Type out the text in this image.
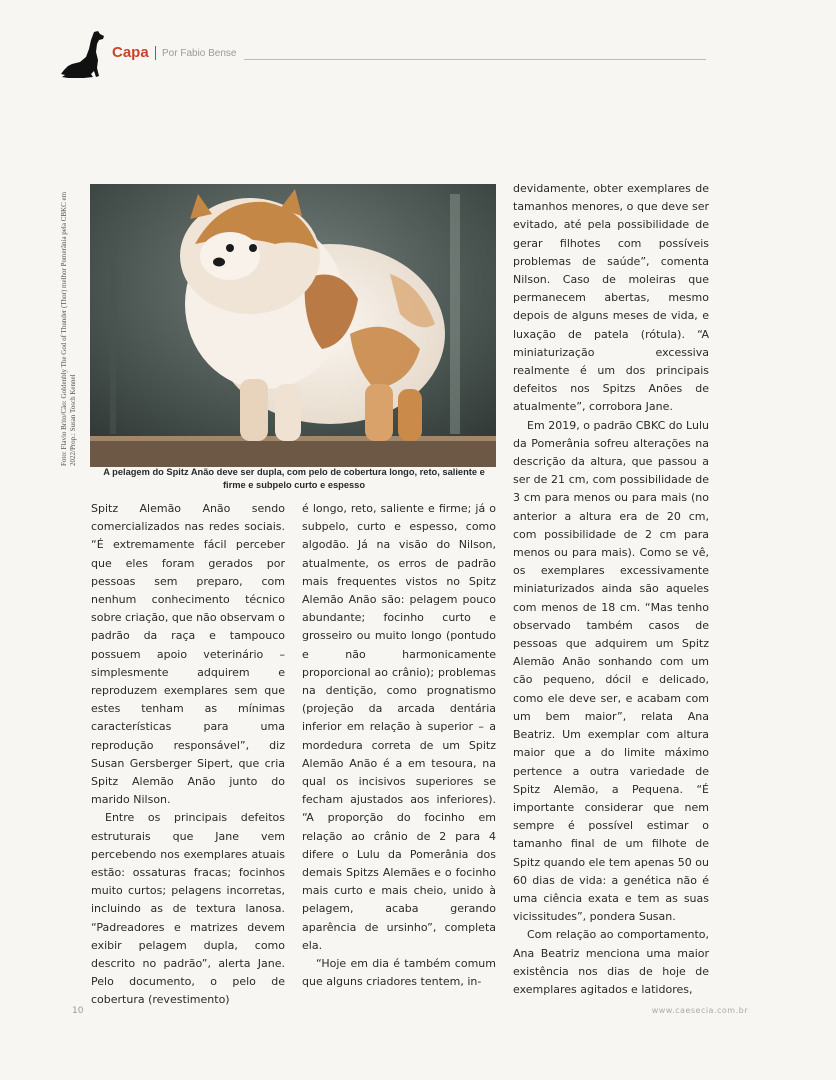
Capa Por Fabio Bense
Foto: Flavio Brito/Cão: Goldenbly The God of Thunder (Thor) melhor Pomerânia pela CBKC em 2022/Prop.: Susan Tosch Kennel
A pelagem do Spitz Anão deve ser dupla, com pelo de cobertura longo, reto, saliente e firme e subpelo curto e espesso

Spitz Alemão Anão sendo comercializados nas redes sociais. “É extremamente fácil perceber que eles foram gerados por pessoas sem preparo, com nenhum conhecimento técnico sobre criação, que não observam o padrão da raça e tampouco possuem apoio veterinário – simplesmente adquirem e reproduzem exemplares sem que estes tenham as mínimas características para uma reprodução responsável”, diz Susan Gersberger Sipert, que cria Spitz Alemão Anão junto do marido Nilson.

Entre os principais defeitos estruturais que Jane vem percebendo nos exemplares atuais estão: ossaturas fracas; focinhos muito curtos; pelagens incorretas, incluindo as de textura lanosa. “Padreadores e matrizes devem exibir pelagem dupla, como descrito no padrão”, alerta Jane. Pelo documento, o pelo de cobertura (revestimento)

é longo, reto, saliente e firme; já o subpelo, curto e espesso, como algodão. Já na visão do Nilson, atualmente, os erros de padrão mais frequentes vistos no Spitz Alemão Anão são: pelagem pouco abundante; focinho curto e grosseiro ou muito longo (pontudo e não harmonicamente proporcional ao crânio); problemas na dentição, como prognatismo (projeção da arcada dentária inferior em relação à superior – a mordedura correta de um Spitz Alemão Anão é a em tesoura, na qual os incisivos superiores se fecham ajustados aos inferiores). “A proporção do focinho em relação ao crânio de 2 para 4 difere o Lulu da Pomerânia dos demais Spitzs Alemães e o focinho mais curto e mais cheio, unido à pelagem, acaba gerando aparência de ursinho”, completa ela.

“Hoje em dia é também comum que alguns criadores tentem, in-

devidamente, obter exemplares de tamanhos menores, o que deve ser evitado, até pela possibilidade de gerar filhotes com possíveis problemas de saúde”, comenta Nilson. Caso de moleiras que permanecem abertas, mesmo depois de alguns meses de vida, e luxação de patela (rótula). “A miniaturização excessiva realmente é um dos principais defeitos nos Spitzs Anões de atualmente”, corrobora Jane.

Em 2019, o padrão CBKC do Lulu da Pomerânia sofreu alterações na descrição da altura, que passou a ser de 21 cm, com possibilidade de 3 cm para menos ou para mais (no anterior a altura era de 20 cm, com possibilidade de 2 cm para menos ou para mais). Como se vê, os exemplares excessivamente miniaturizados ainda são aqueles com menos de 18 cm. “Mas tenho observado também casos de pessoas que adquirem um Spitz Alemão Anão sonhando com um cão pequeno, dócil e delicado, como ele deve ser, e acabam com um bem maior”, relata Ana Beatriz. Um exemplar com altura maior que a do limite máximo pertence a outra variedade de Spitz Alemão, a Pequena. “É importante considerar que nem sempre é possível estimar o tamanho final de um filhote de Spitz quando ele tem apenas 50 ou 60 dias de vida: a genética não é uma ciência exata e tem as suas vicissitudes”, pondera Susan.

Com relação ao comportamento, Ana Beatriz menciona uma maior existência nos dias de hoje de exemplares agitados e latidores,

10	www.caesecia.com.br
